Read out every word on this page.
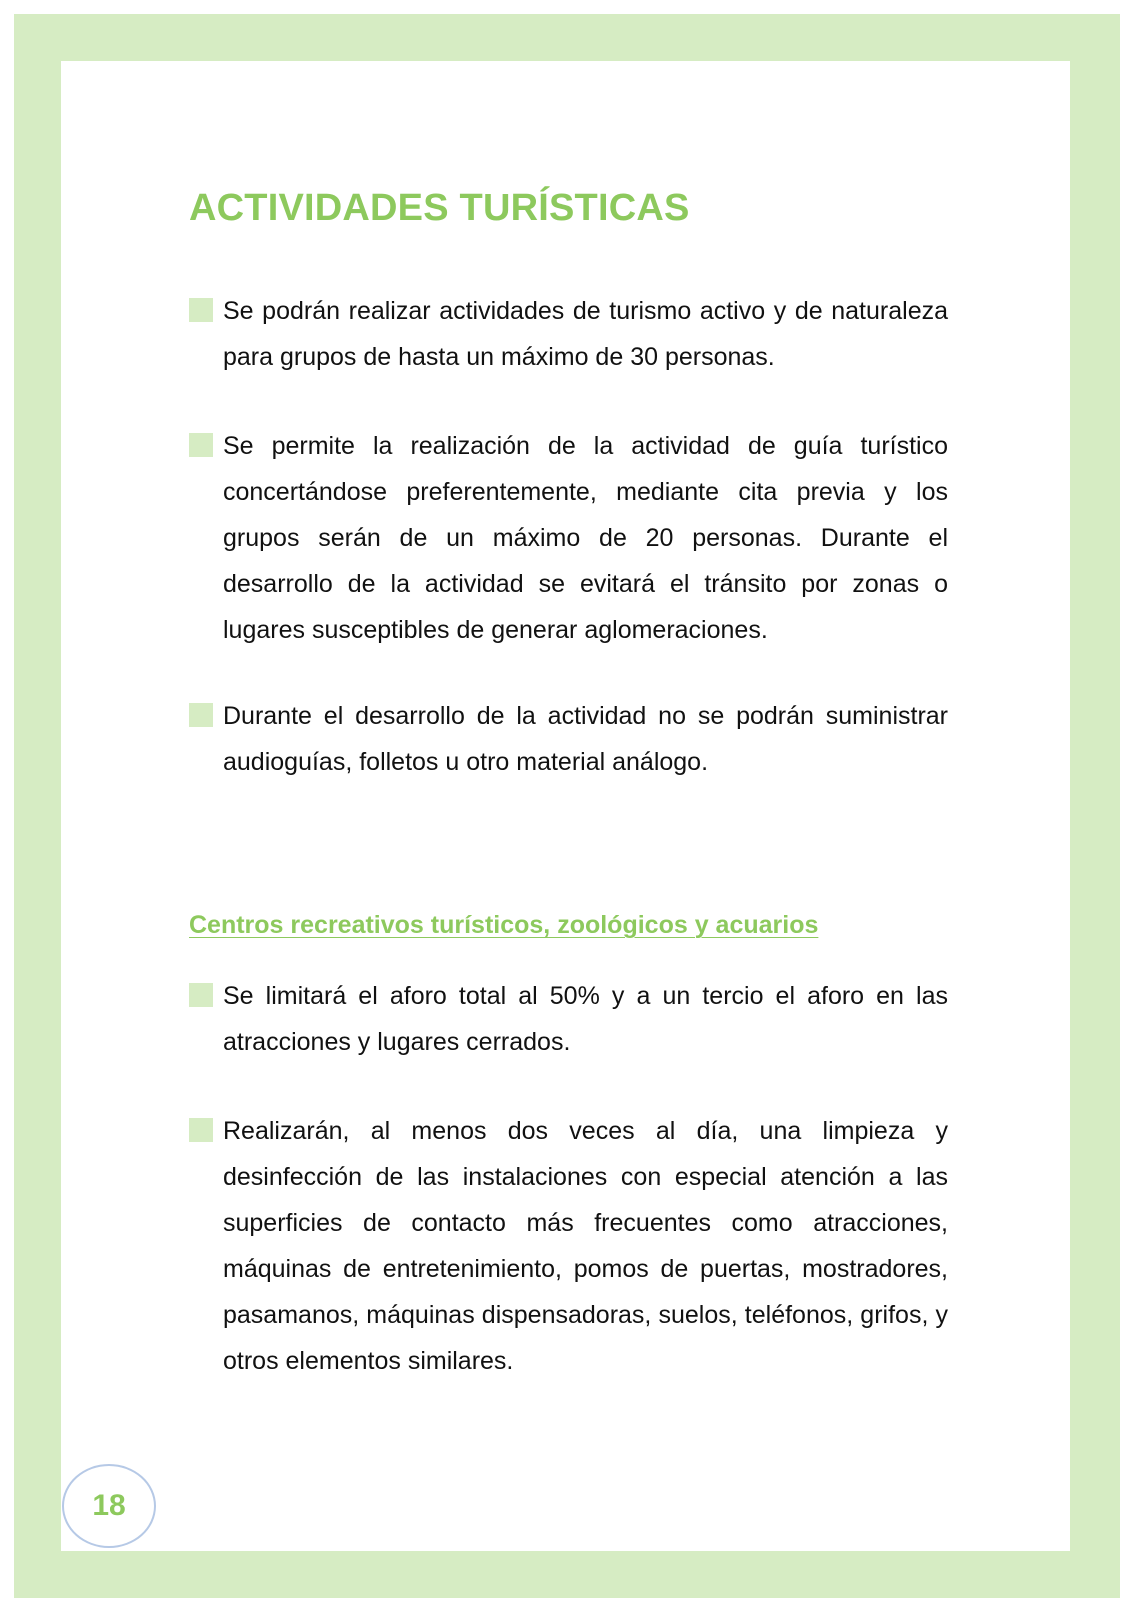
ACTIVIDADES TURÍSTICAS

Se podrán realizar actividades de turismo activo y de naturaleza para grupos de hasta un máximo de 30 personas.

Se permite la realización de la actividad de guía turístico concertándose preferentemente, mediante cita previa y los grupos serán de un máximo de 20 personas. Durante el desarrollo de la actividad se evitará el tránsito por zonas o lugares susceptibles de generar aglomeraciones.

Durante el desarrollo de la actividad no se podrán suministrar audioguías, folletos u otro material análogo.

Centros recreativos turísticos, zoológicos y acuarios

Se limitará el aforo total al 50% y a un tercio el aforo en las atracciones y lugares cerrados.

Realizarán, al menos dos veces al día, una limpieza y desinfección de las instalaciones con especial atención a las superficies de contacto más frecuentes como atracciones, máquinas de entretenimiento, pomos de puertas, mostradores, pasamanos, máquinas dispensadoras, suelos, teléfonos, grifos, y otros elementos similares.

18
